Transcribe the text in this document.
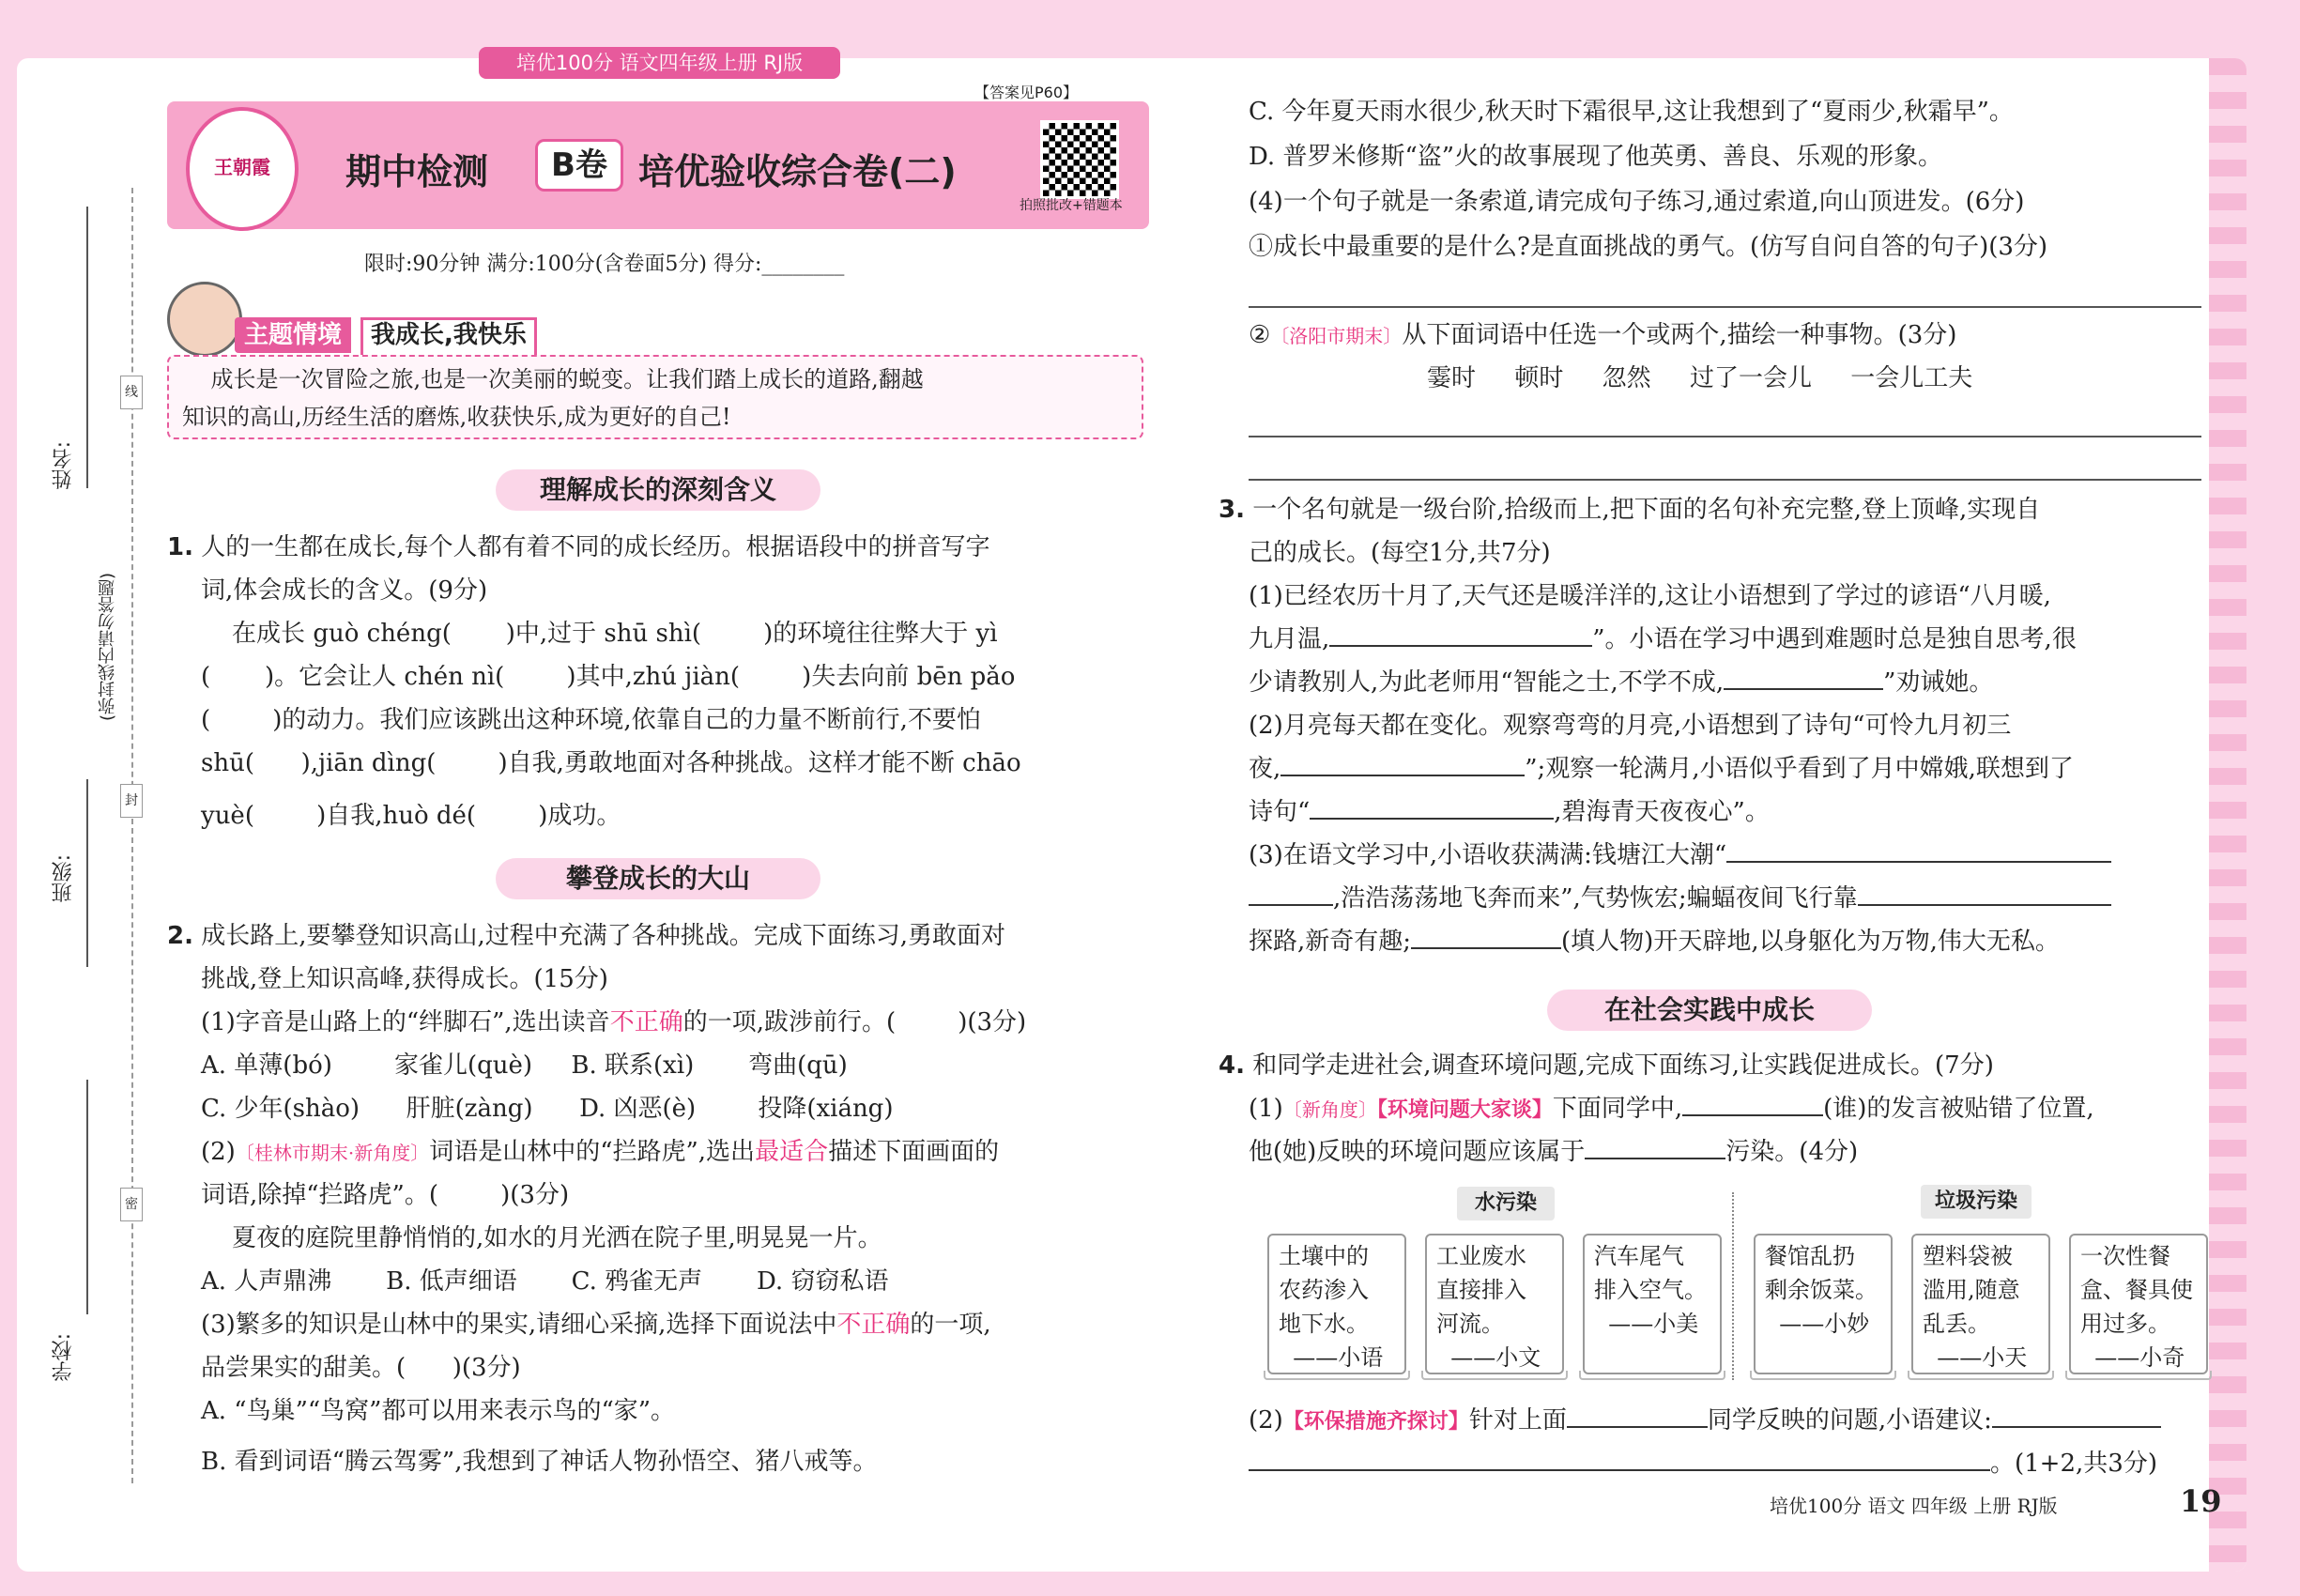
培优100分 语文四年级上册 RJ版
【答案见P60】
姓名:
班级:
学校:
(弥封线内请勿答题)
线
封
密
王朝霞	期中检测	B卷 培优验收综合卷(二)
拍照批改+错题本
限时:90分钟 满分:100分(含卷面5分) 得分:________
主题情境	我成长,我快乐
成长是一次冒险之旅,也是一次美丽的蜕变。让我们踏上成长的道路,翻越
知识的高山,历经生活的磨炼,收获快乐,成为更好的自己!
理解成长的深刻含义
1. 人的一生都在成长,每个人都有着不同的成长经历。根据语段中的拼音写字
词,体会成长的含义。(9分)
在成长 guò chéng(       )中,过于 shū shì(        )的环境往往弊大于 yì
(       )。它会让人 chén nì(        )其中,zhú jiàn(        )失去向前 bēn pǎo
(        )的动力。我们应该跳出这种环境,依靠自己的力量不断前行,不要怕
shū(      ),jiān dìng(        )自我,勇敢地面对各种挑战。这样才能不断 chāo
yuè(        )自我,huò dé(        )成功。
攀登成长的大山
2. 成长路上,要攀登知识高山,过程中充满了各种挑战。完成下面练习,勇敢面对
挑战,登上知识高峰,获得成长。(15分)
(1)字音是山路上的“绊脚石”,选出读音不正确的一项,跋涉前行。(        )(3分)
A. 单薄(bó)        家雀儿(què)     B. 联系(xì)       弯曲(qū)
C. 少年(shào)      肝脏(zàng)      D. 凶恶(è)        投降(xiáng)
(2)〔桂林市期末·新角度〕词语是山林中的“拦路虎”,选出最适合描述下面画面的
词语,除掉“拦路虎”。(        )(3分)
夏夜的庭院里静悄悄的,如水的月光洒在院子里,明晃晃一片。
A. 人声鼎沸       B. 低声细语       C. 鸦雀无声       D. 窃窃私语
(3)繁多的知识是山林中的果实,请细心采摘,选择下面说法中不正确的一项,
品尝果实的甜美。(      )(3分)
A. “鸟巢”“鸟窝”都可以用来表示鸟的“家”。
B. 看到词语“腾云驾雾”,我想到了神话人物孙悟空、猪八戒等。
C. 今年夏天雨水很少,秋天时下霜很早,这让我想到了“夏雨少,秋霜早”。
D. 普罗米修斯“盗”火的故事展现了他英勇、善良、乐观的形象。
(4)一个句子就是一条索道,请完成句子练习,通过索道,向山顶进发。(6分)
①成长中最重要的是什么?是直面挑战的勇气。(仿写自问自答的句子)(3分)
②〔洛阳市期末〕从下面词语中任选一个或两个,描绘一种事物。(3分)
霎时     顿时     忽然     过了一会儿     一会儿工夫
3. 一个名句就是一级台阶,拾级而上,把下面的名句补充完整,登上顶峰,实现自
己的成长。(每空1分,共7分)
(1)已经农历十月了,天气还是暖洋洋的,这让小语想到了学过的谚语“八月暖,
九月温,	”。小语在学习中遇到难题时总是独自思考,很
少请教别人,为此老师用“智能之士,不学不成,	”劝诫她。
(2)月亮每天都在变化。观察弯弯的月亮,小语想到了诗句“可怜九月初三
夜,	”;观察一轮满月,小语似乎看到了月中嫦娥,联想到了
诗句“	,碧海青天夜夜心”。
(3)在语文学习中,小语收获满满:钱塘江大潮“
,浩浩荡荡地飞奔而来”,气势恢宏;蝙蝠夜间飞行靠
探路,新奇有趣;	(填人物)开天辟地,以身躯化为万物,伟大无私。
在社会实践中成长
4. 和同学走进社会,调查环境问题,完成下面练习,让实践促进成长。(7分)
(1)〔新角度〕【环境问题大家谈】下面同学中,	(谁)的发言被贴错了位置,
他(她)反映的环境问题应该属于	污染。(4分)
水污染	垃圾污染
土壤中的
农药渗入
地下水。
——小语
工业废水
直接排入
河流。
——小文
汽车尾气
排入空气。
——小美
餐馆乱扔
剩余饭菜。
——小妙
塑料袋被
滥用,随意
乱丢。
——小天
一次性餐
盒、餐具使
用过多。
——小奇
(2)【环保措施齐探讨】针对上面	同学反映的问题,小语建议:
。(1+2,共3分)
培优100分 语文 四年级 上册 RJ版	19
